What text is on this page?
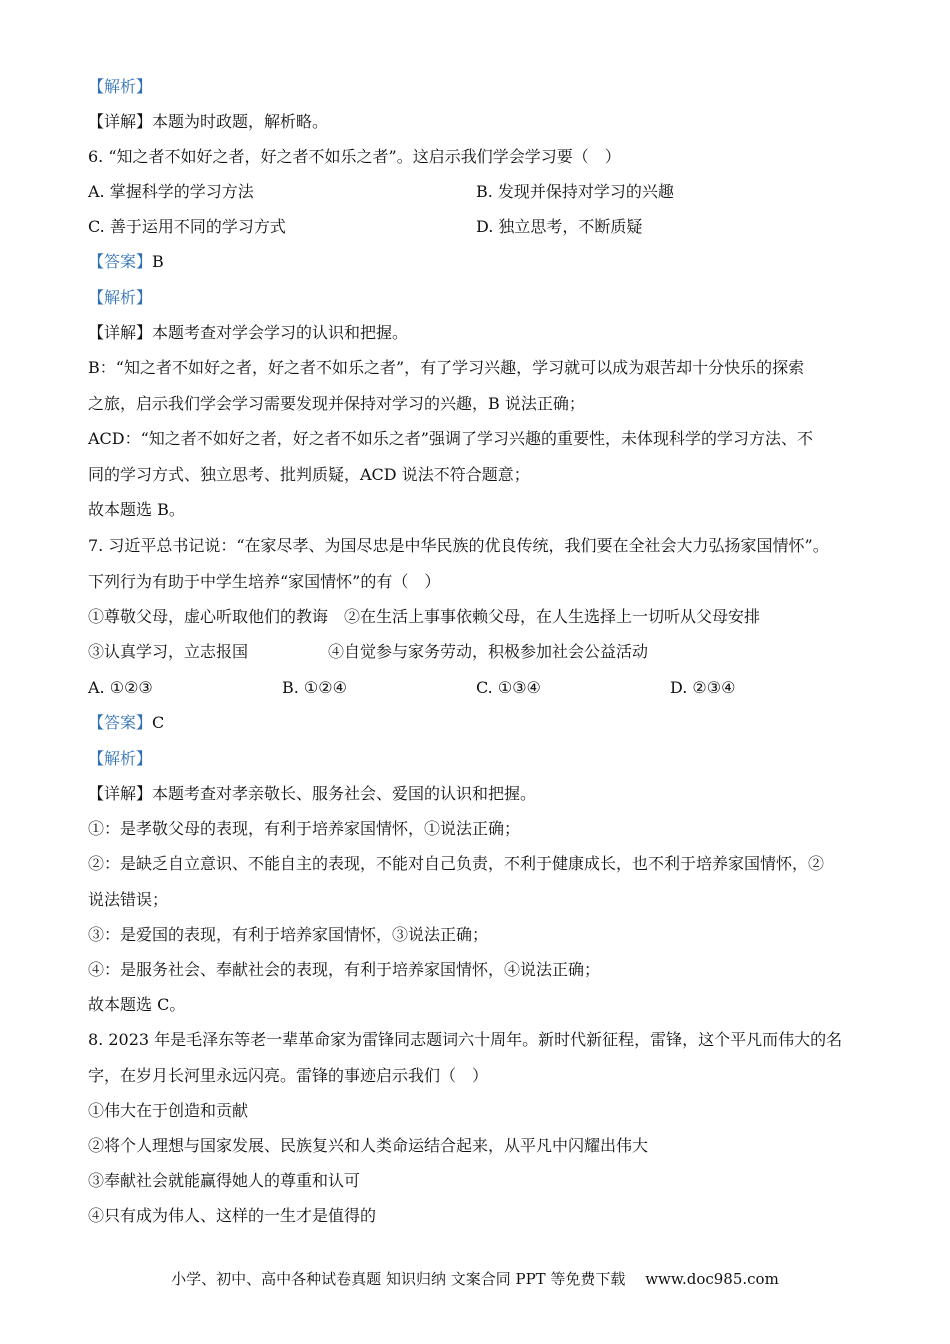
【解析】
【详解】本题为时政题，解析略。
6. “知之者不如好之者，好之者不如乐之者”。这启示我们学会学习要（　）
A. 掌握科学的学习方法	B. 发现并保持对学习的兴趣
C. 善于运用不同的学习方式	D. 独立思考，不断质疑
【答案】B
【解析】
【详解】本题考查对学会学习的认识和把握。
B：“知之者不如好之者，好之者不如乐之者”，有了学习兴趣，学习就可以成为艰苦却十分快乐的探索
之旅，启示我们学会学习需要发现并保持对学习的兴趣，B 说法正确；
ACD：“知之者不如好之者，好之者不如乐之者”强调了学习兴趣的重要性，未体现科学的学习方法、不
同的学习方式、独立思考、批判质疑，ACD 说法不符合题意；
故本题选 B。
7. 习近平总书记说：“在家尽孝、为国尽忠是中华民族的优良传统，我们要在全社会大力弘扬家国情怀”。
下列行为有助于中学生培养“家国情怀”的有（　）
①尊敬父母，虚心听取他们的教诲　②在生活上事事依赖父母，在人生选择上一切听从父母安排
③认真学习，立志报国　　　　　④自觉参与家务劳动，积极参加社会公益活动
A. ①②③	B. ①②④	C. ①③④	D. ②③④
【答案】C
【解析】
【详解】本题考查对孝亲敬长、服务社会、爱国的认识和把握。
①：是孝敬父母的表现，有利于培养家国情怀，①说法正确；
②：是缺乏自立意识、不能自主的表现，不能对自己负责，不利于健康成长，也不利于培养家国情怀，②
说法错误；
③：是爱国的表现，有利于培养家国情怀，③说法正确；
④：是服务社会、奉献社会的表现，有利于培养家国情怀，④说法正确；
故本题选 C。
8. 2023 年是毛泽东等老一辈革命家为雷锋同志题词六十周年。新时代新征程，雷锋，这个平凡而伟大的名
字，在岁月长河里永远闪亮。雷锋的事迹启示我们（　）
①伟大在于创造和贡献
②将个人理想与国家发展、民族复兴和人类命运结合起来，从平凡中闪耀出伟大
③奉献社会就能赢得她人的尊重和认可
④只有成为伟人、这样的一生才是值得的
小学、初中、高中各种试卷真题 知识归纳 文案合同 PPT 等免费下载　 www.doc985.com
